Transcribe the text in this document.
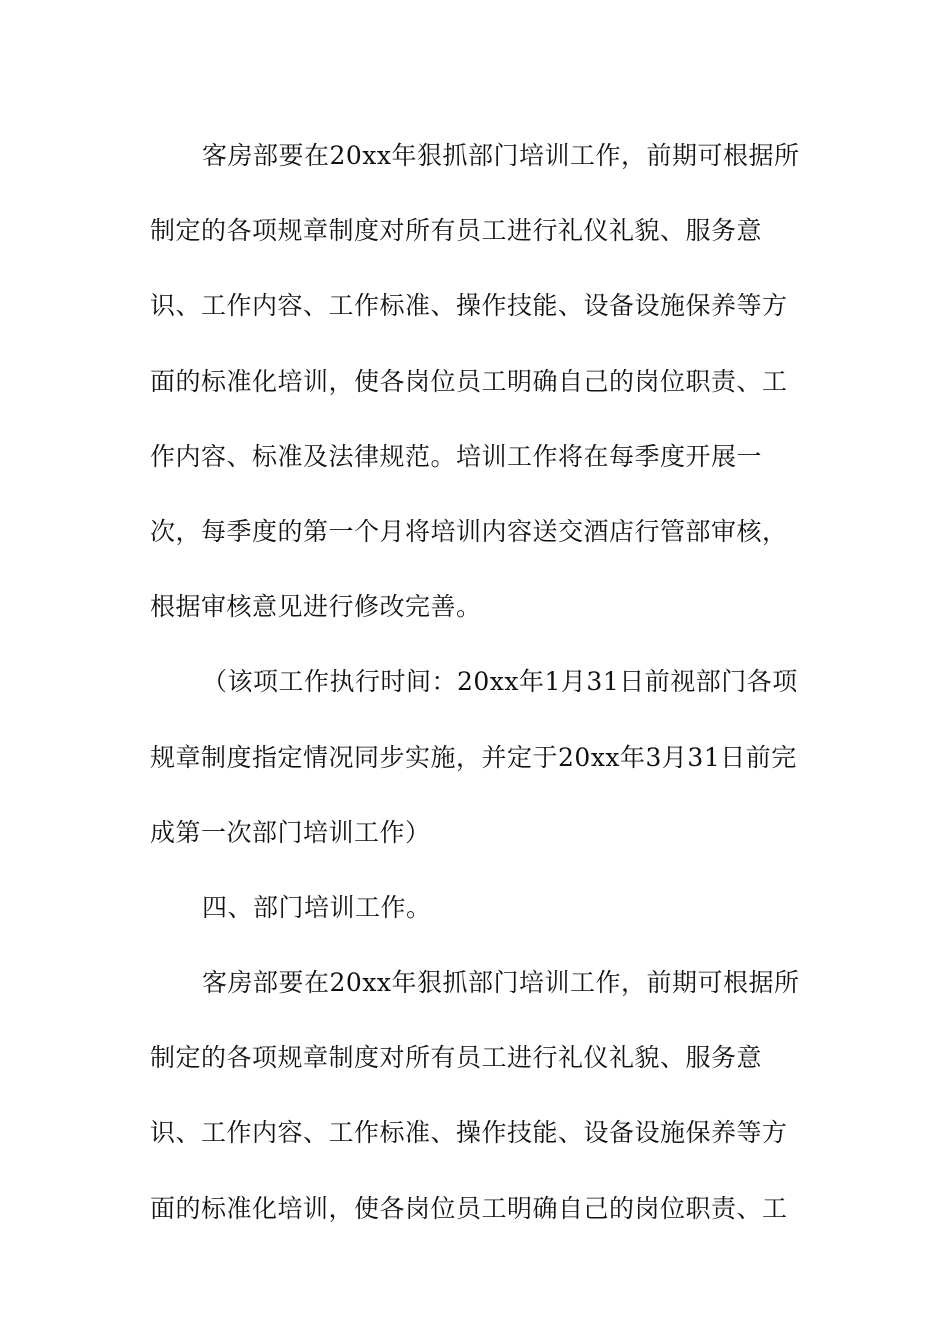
客房部要在20xx年狠抓部门培训工作，前期可根据所
制定的各项规章制度对所有员工进行礼仪礼貌、服务意
识、工作内容、工作标准、操作技能、设备设施保养等方
面的标准化培训，使各岗位员工明确自己的岗位职责、工
作内容、标准及法律规范。培训工作将在每季度开展一
次，每季度的第一个月将培训内容送交酒店行管部审核，
根据审核意见进行修改完善。
（该项工作执行时间：20xx年1月31日前视部门各项
规章制度指定情况同步实施，并定于20xx年3月31日前完
成第一次部门培训工作）
四、部门培训工作。
客房部要在20xx年狠抓部门培训工作，前期可根据所
制定的各项规章制度对所有员工进行礼仪礼貌、服务意
识、工作内容、工作标准、操作技能、设备设施保养等方
面的标准化培训，使各岗位员工明确自己的岗位职责、工
